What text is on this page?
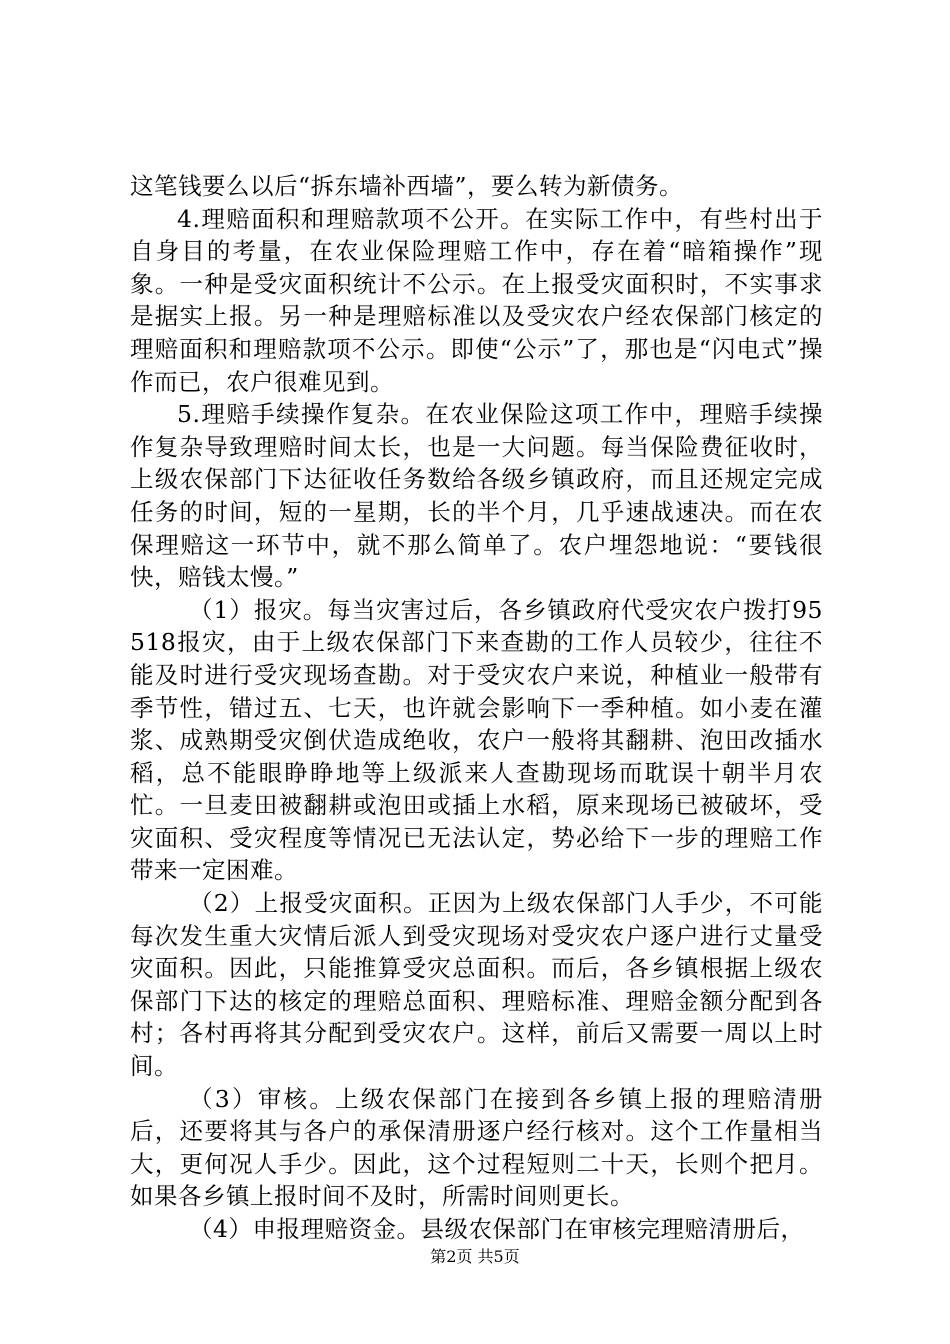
这笔钱要么以后“拆东墙补西墙”，要么转为新债务。

4.理赔面积和理赔款项不公开。在实际工作中，有些村出于自身目的考量，在农业保险理赔工作中，存在着“暗箱操作”现象。一种是受灾面积统计不公示。在上报受灾面积时，不实事求是据实上报。另一种是理赔标准以及受灾农户经农保部门核定的理赔面积和理赔款项不公示。即使“公示”了，那也是“闪电式”操作而已，农户很难见到。

5.理赔手续操作复杂。在农业保险这项工作中，理赔手续操作复杂导致理赔时间太长，也是一大问题。每当保险费征收时，上级农保部门下达征收任务数给各级乡镇政府，而且还规定完成任务的时间，短的一星期，长的半个月，几乎速战速决。而在农保理赔这一环节中，就不那么简单了。农户埋怨地说：“要钱很快，赔钱太慢。”

（1）报灾。每当灾害过后，各乡镇政府代受灾农户拨打95518报灾，由于上级农保部门下来查勘的工作人员较少，往往不能及时进行受灾现场查勘。对于受灾农户来说，种植业一般带有季节性，错过五、七天，也许就会影响下一季种植。如小麦在灌浆、成熟期受灾倒伏造成绝收，农户一般将其翻耕、泡田改插水稻，总不能眼睁睁地等上级派来人查勘现场而耽误十朝半月农忙。一旦麦田被翻耕或泡田或插上水稻，原来现场已被破坏，受灾面积、受灾程度等情况已无法认定，势必给下一步的理赔工作带来一定困难。

（2）上报受灾面积。正因为上级农保部门人手少，不可能每次发生重大灾情后派人到受灾现场对受灾农户逐户进行丈量受灾面积。因此，只能推算受灾总面积。而后，各乡镇根据上级农保部门下达的核定的理赔总面积、理赔标准、理赔金额分配到各村；各村再将其分配到受灾农户。这样，前后又需要一周以上时间。

（3）审核。上级农保部门在接到各乡镇上报的理赔清册后，还要将其与各户的承保清册逐户经行核对。这个工作量相当大，更何况人手少。因此，这个过程短则二十天，长则个把月。如果各乡镇上报时间不及时，所需时间则更长。

（4）申报理赔资金。县级农保部门在审核完理赔清册后，

第2页 共5页
